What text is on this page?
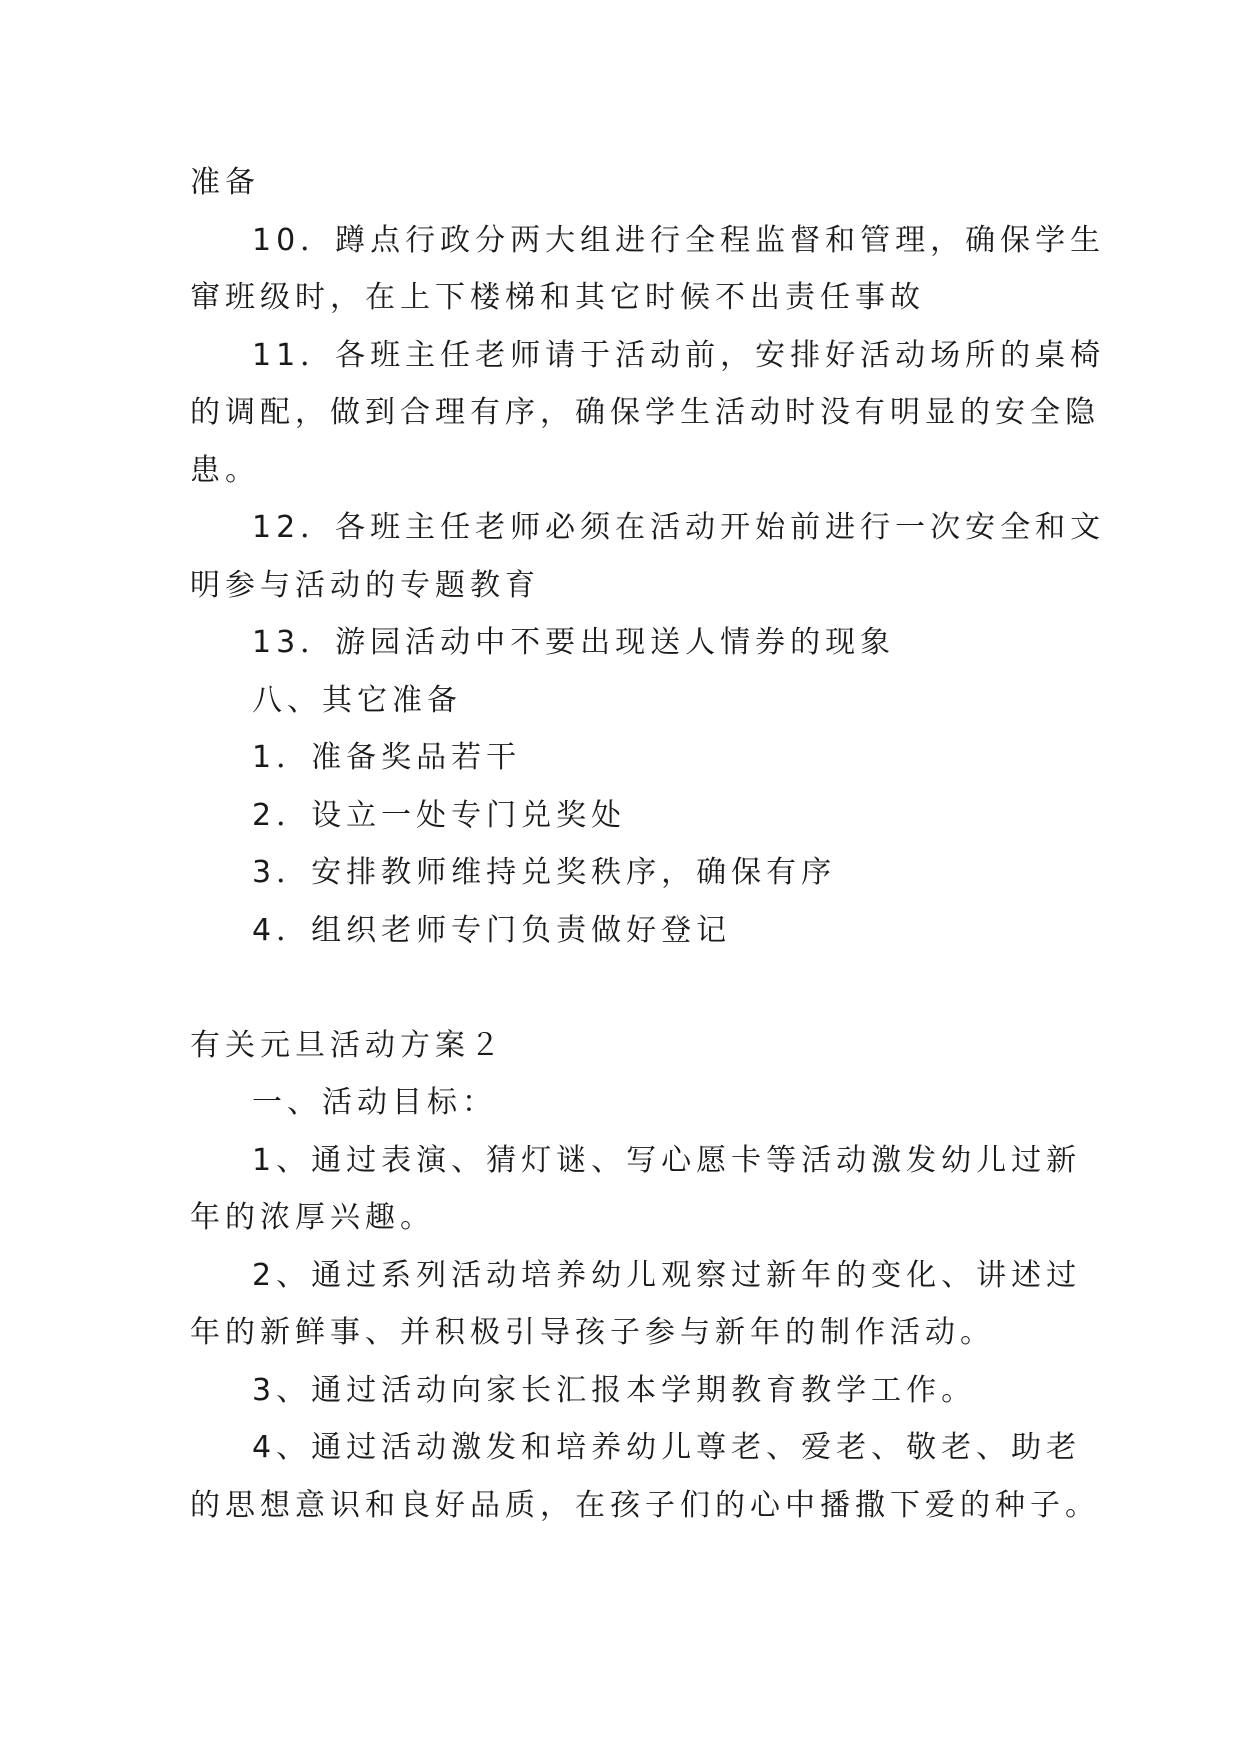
准备
10．蹲点行政分两大组进行全程监督和管理，确保学生
窜班级时，在上下楼梯和其它时候不出责任事故
11．各班主任老师请于活动前，安排好活动场所的桌椅
的调配，做到合理有序，确保学生活动时没有明显的安全隐
患。
12．各班主任老师必须在活动开始前进行一次安全和文
明参与活动的专题教育
13．游园活动中不要出现送人情券的现象
八、其它准备
1．准备奖品若干
2．设立一处专门兑奖处
3．安排教师维持兑奖秩序，确保有序
4．组织老师专门负责做好登记
有关元旦活动方案２
一、活动目标：
1、通过表演、猜灯谜、写心愿卡等活动激发幼儿过新
年的浓厚兴趣。
2、通过系列活动培养幼儿观察过新年的变化、讲述过
年的新鲜事、并积极引导孩子参与新年的制作活动。
3、通过活动向家长汇报本学期教育教学工作。
4、通过活动激发和培养幼儿尊老、爱老、敬老、助老
的思想意识和良好品质，在孩子们的心中播撒下爱的种子。
